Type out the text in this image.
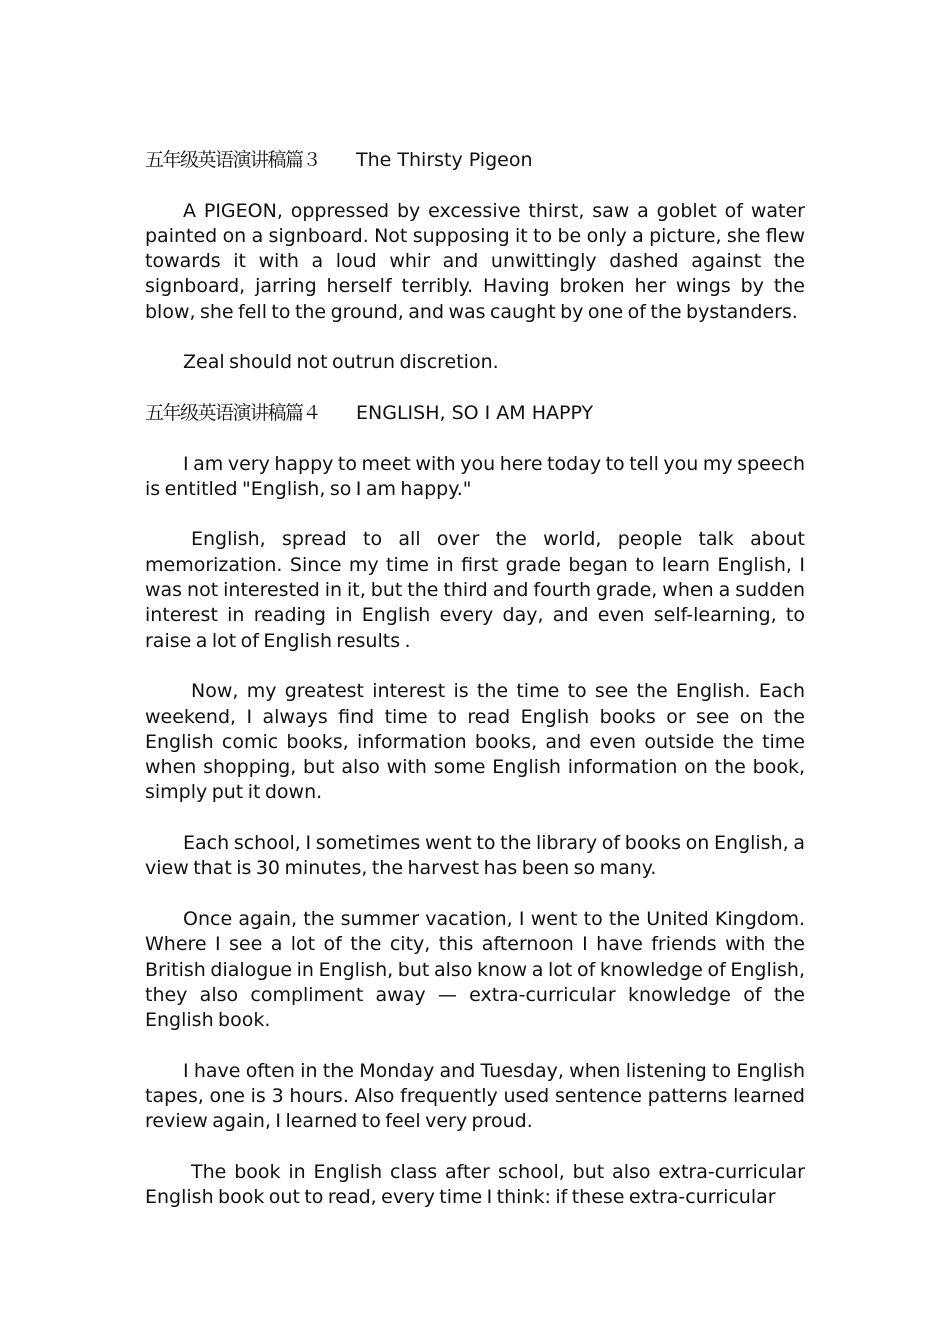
五年级英语演讲稿篇３ The Thirsty Pigeon

A PIGEON, oppressed by excessive thirst, saw a goblet of water painted on a signboard. Not supposing it to be only a picture, she flew towards it with a loud whir and unwittingly dashed against the signboard, jarring herself terribly. Having broken her wings by the blow, she fell to the ground, and was caught by one of the bystanders.

Zeal should not outrun discretion.

五年级英语演讲稿篇４ ENGLISH, SO I AM HAPPY

I am very happy to meet with you here today to tell you my speech is entitled "English, so I am happy."

English, spread to all over the world, people talk about memorization. Since my time in first grade began to learn English, I was not interested in it, but the third and fourth grade, when a sudden interest in reading in English every day, and even self-learning, to raise a lot of English results .

Now, my greatest interest is the time to see the English. Each weekend, I always find time to read English books or see on the English comic books, information books, and even outside the time when shopping, but also with some English information on the book, simply put it down.

Each school, I sometimes went to the library of books on English, a view that is 30 minutes, the harvest has been so many.

Once again, the summer vacation, I went to the United Kingdom. Where I see a lot of the city, this afternoon I have friends with the British dialogue in English, but also know a lot of knowledge of English, they also compliment away — extra-curricular knowledge of the English book.

I have often in the Monday and Tuesday, when listening to English tapes, one is 3 hours. Also frequently used sentence patterns learned review again, I learned to feel very proud.

The book in English class after school, but also extra-curricular English book out to read, every time I think: if these extra-curricular
